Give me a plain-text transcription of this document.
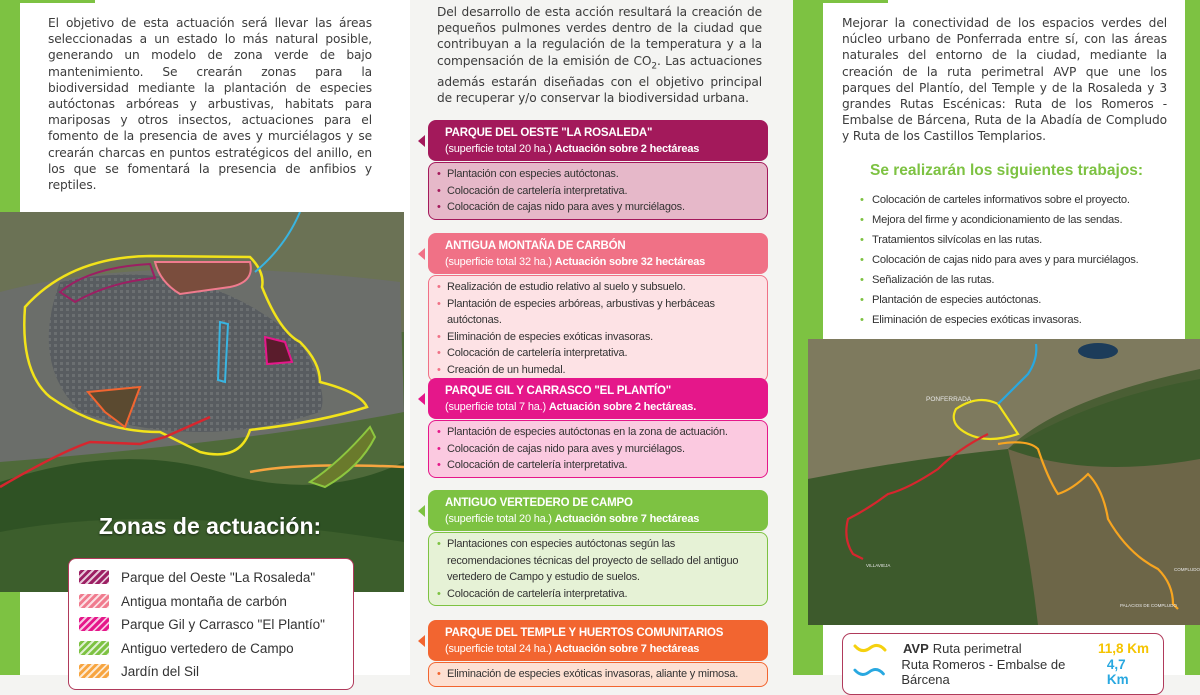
El objetivo de esta actuación será llevar las áreas seleccionadas a un estado lo más natural posible, generando un modelo de zona verde de bajo mantenimiento. Se crearán zonas para la biodiversidad mediante la plantación de especies autóctonas arbóreas y arbustivas, habitats para mariposas y otros insectos, actuaciones para el fomento de la presencia de aves y murciélagos y se crearán charcas en puntos estratégicos del anillo, en los que se fomentará la presencia de anfibios y reptiles.
Zonas de actuación:
Parque del Oeste "La Rosaleda"
Antigua montaña de carbón
Parque Gil y Carrasco "El Plantío"
Antiguo vertedero de Campo
Jardín del Sil
Del desarrollo de esta acción resultará la creación de pequeños pulmones verdes dentro de la ciudad que contribuyan a la regulación de la temperatura y a la compensación de la emisión de $CO_2$. Las actuaciones además estarán diseñadas con el objetivo principal de recuperar y/o conservar la biodiversidad urbana.
PARQUE DEL OESTE "LA ROSALEDA"
(superficie total 20 ha.) Actuación sobre 2 hectáreas
• Plantación con especies autóctonas.
• Colocación de cartelería interpretativa.
• Colocación de cajas nido para aves y murciélagos.
ANTIGUA MONTAÑA DE CARBÓN
(superficie total 32 ha.) Actuación sobre 32 hectáreas
• Realización de estudio relativo al suelo y subsuelo.
• Plantación de especies arbóreas, arbustivas y herbáceas autóctonas.
• Eliminación de especies exóticas invasoras.
• Colocación de cartelería interpretativa.
• Creación de un humedal.
PARQUE GIL Y CARRASCO "EL PLANTÍO"
(superficie total 7 ha.) Actuación sobre 2 hectáreas.
• Plantación de especies autóctonas en la zona de actuación.
• Colocación de cajas nido para aves y murciélagos.
• Colocación de cartelería interpretativa.
ANTIGUO VERTEDERO DE CAMPO
(superficie total 20 ha.) Actuación sobre 7 hectáreas
• Plantaciones con especies autóctonas según las recomendaciones técnicas del proyecto de sellado del antiguo vertedero de Campo y estudio de suelos.
• Colocación de cartelería interpretativa.
PARQUE DEL TEMPLE Y HUERTOS COMUNITARIOS
(superficie total 24 ha.) Actuación sobre 7 hectáreas
• Eliminación de especies exóticas invasoras, aliante y mimosa.
Mejorar la conectividad de los espacios verdes del núcleo urbano de Ponferrada entre sí, con las áreas naturales del entorno de la ciudad, mediante la creación de la ruta perimetral AVP que une los parques del Plantío, del Temple y de la Rosaleda y 3 grandes Rutas Escénicas: Ruta de los Romeros - Embalse de Bárcena, Ruta de la Abadía de Compludo y Ruta de los Castillos Templarios.
Se realizarán los siguientes trabajos:
• Colocación de carteles informativos sobre el proyecto.
• Mejora del firme y acondicionamiento de las sendas.
• Tratamientos silvícolas en las rutas.
• Colocación de cajas nido para aves y para murciélagos.
• Señalización de las rutas.
• Plantación de especies autóctonas.
• Eliminación de especies exóticas invasoras.
PONFERRADA
VILLAVIEJA
COMPLUDO
PALACIOS DE COMPLUDO
AVP Ruta perimetral	11,8 Km
Ruta Romeros - Embalse de Bárcena
4,7 Km
